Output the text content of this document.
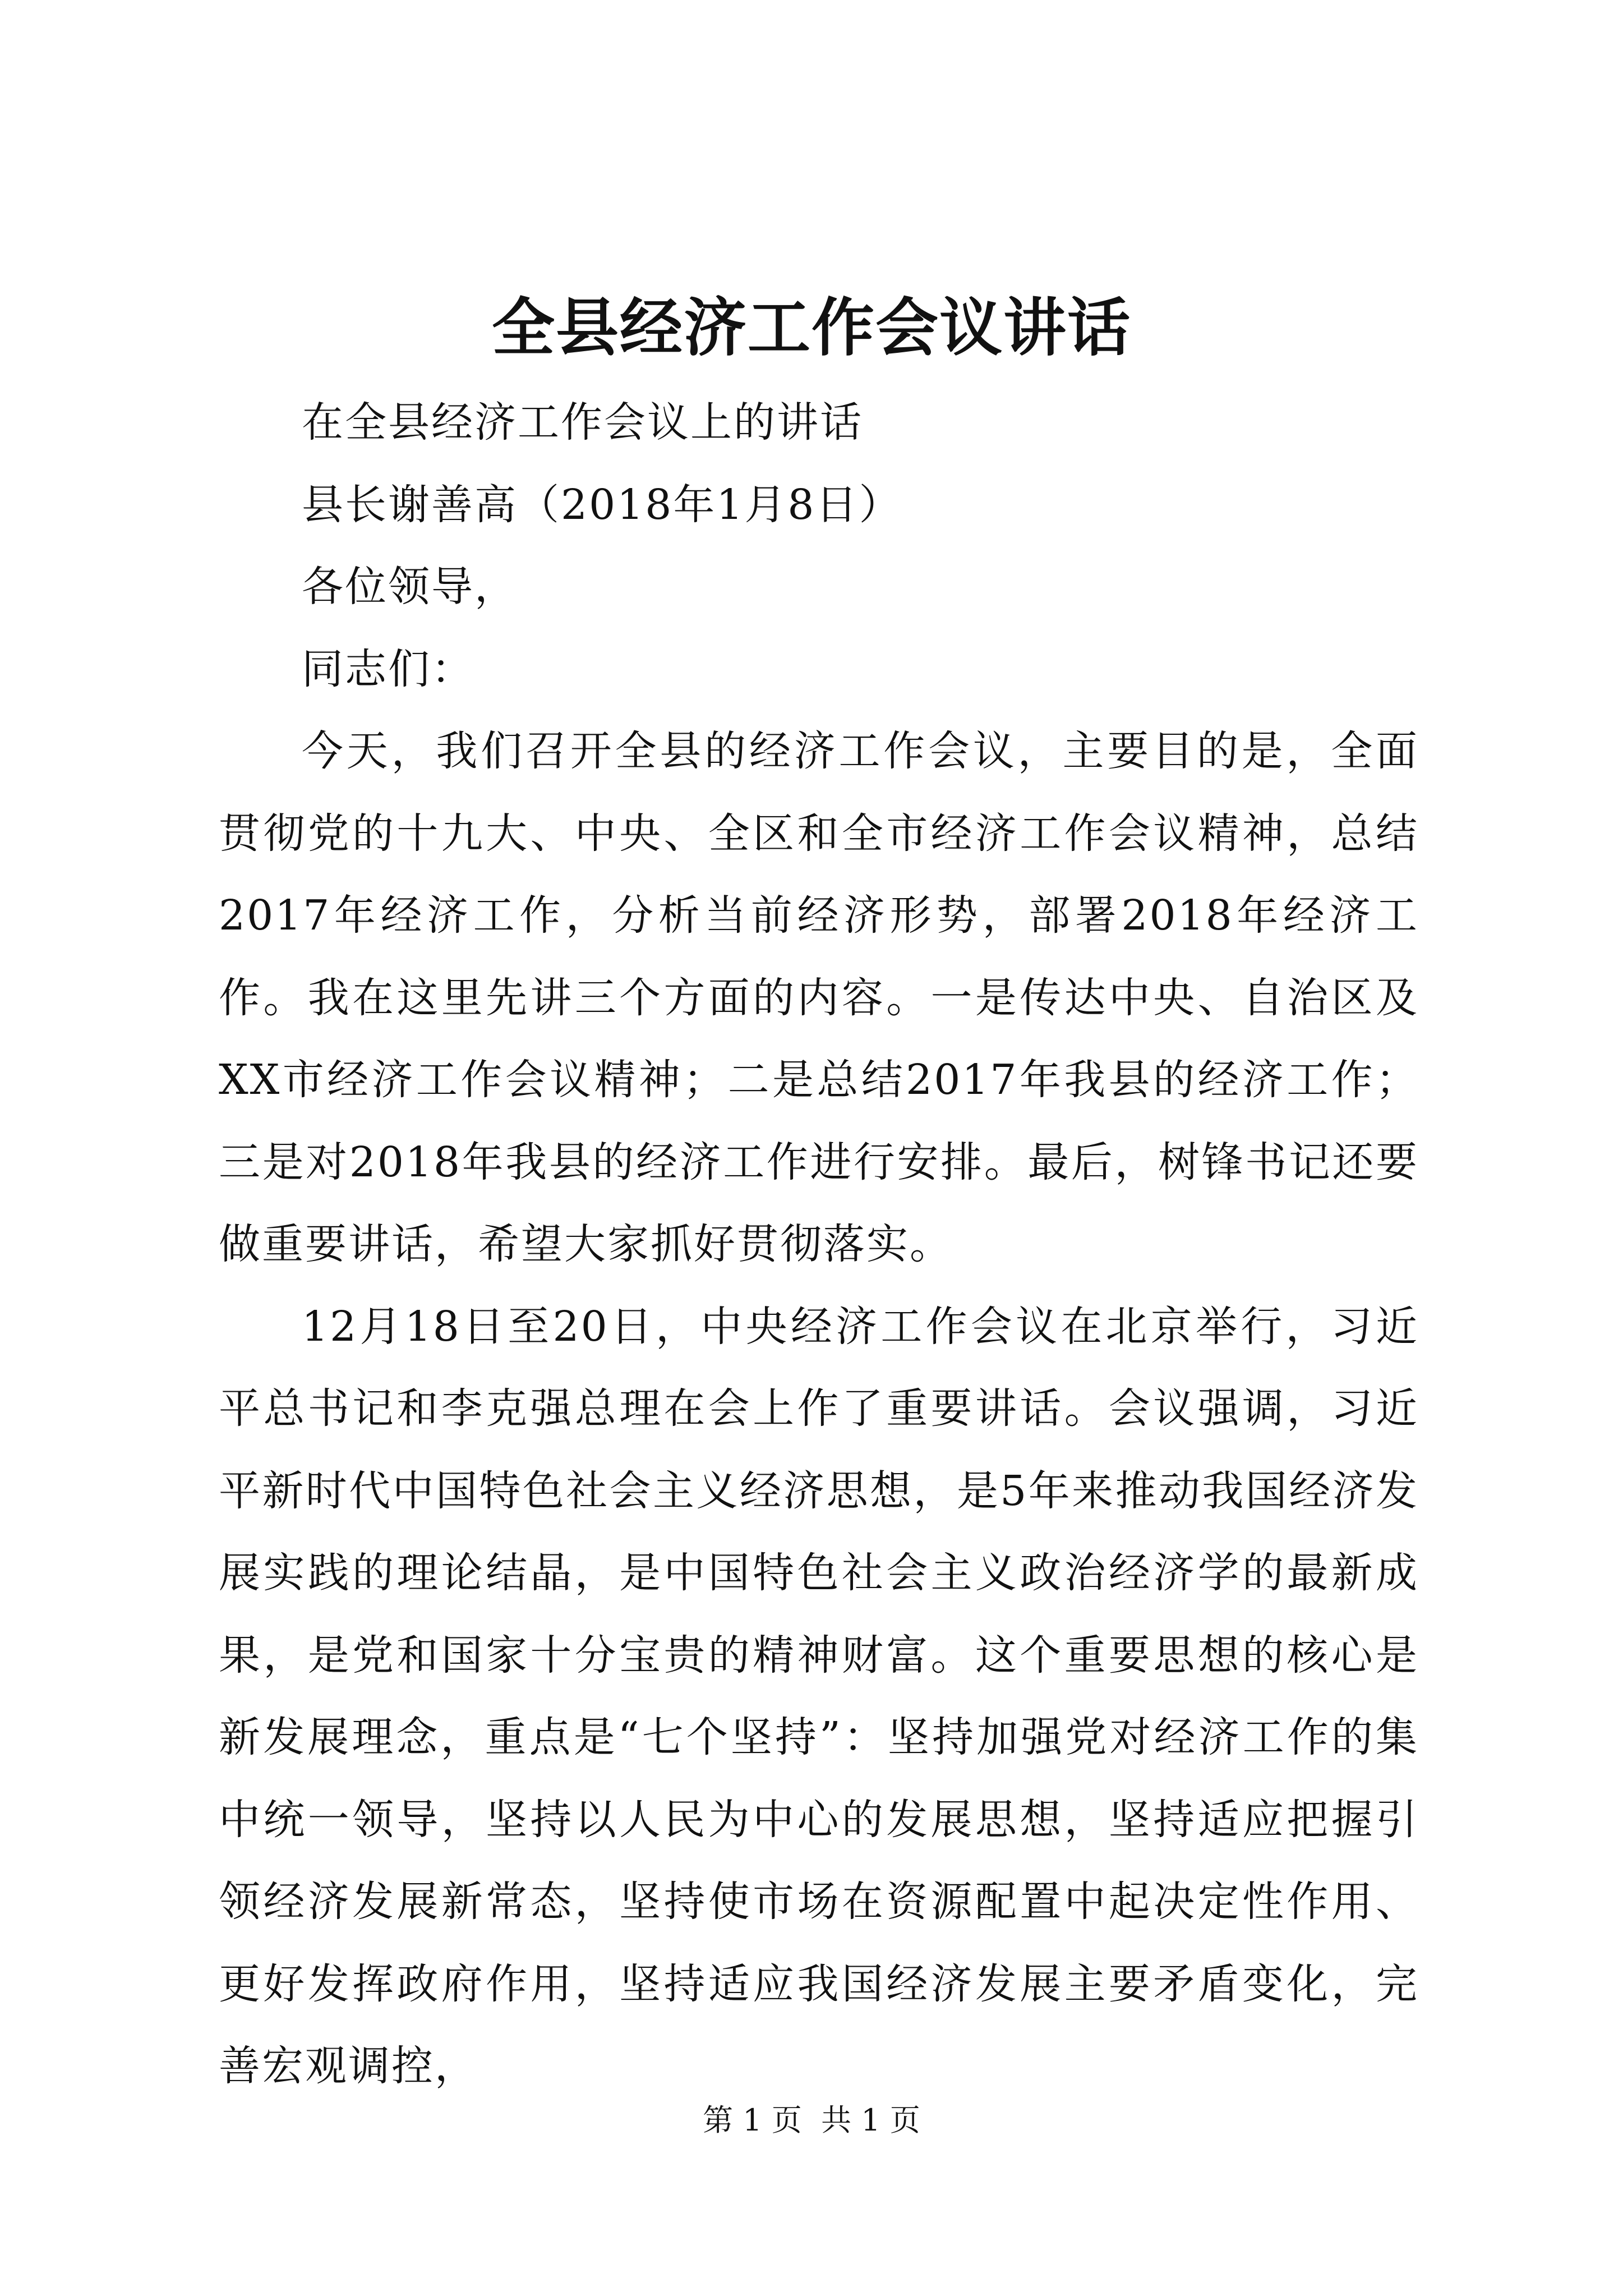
全县经济工作会议讲话

在全县经济工作会议上的讲话

县长谢善高（2018年1月8日）

各位领导，

同志们：

今天，我们召开全县的经济工作会议，主要目的是，全面贯彻党的十九大、中央、全区和全市经济工作会议精神，总结2017年经济工作，分析当前经济形势，部署2018年经济工作。我在这里先讲三个方面的内容。一是传达中央、自治区及XX市经济工作会议精神；二是总结2017年我县的经济工作；三是对2018年我县的经济工作进行安排。最后，树锋书记还要做重要讲话，希望大家抓好贯彻落实。

12月18日至20日，中央经济工作会议在北京举行，习近平总书记和李克强总理在会上作了重要讲话。会议强调，习近平新时代中国特色社会主义经济思想，是5年来推动我国经济发展实践的理论结晶，是中国特色社会主义政治经济学的最新成果，是党和国家十分宝贵的精神财富。这个重要思想的核心是新发展理念，重点是“七个坚持”：坚持加强党对经济工作的集中统一领导，坚持以人民为中心的发展思想，坚持适应把握引领经济发展新常态，坚持使市场在资源配置中起决定性作用、更好发挥政府作用，坚持适应我国经济发展主要矛盾变化，完善宏观调控，

第 1 页  共 1 页
